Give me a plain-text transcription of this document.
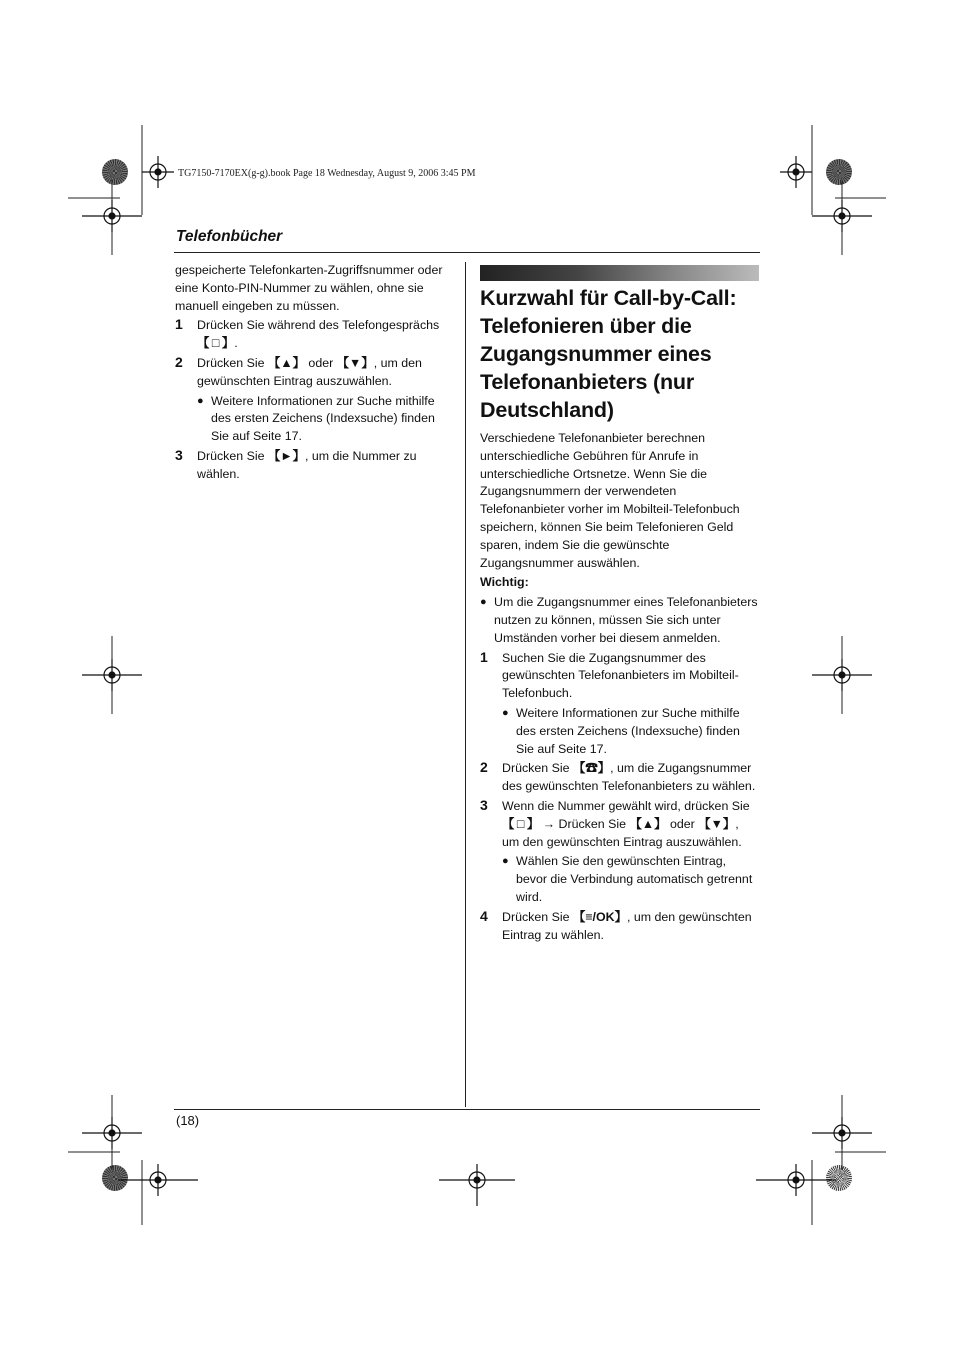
TG7150-7170EX(g-g).book Page 18 Wednesday, August 9, 2006 3:45 PM
Telefonbücher

gespeicherte Telefonkarten-Zugriffsnummer oder eine Konto-PIN-Nummer zu wählen, ohne sie manuell eingeben zu müssen.

1 Drücken Sie während des Telefongesprächs 【 □ 】.
2 Drücken Sie 【▲】 oder 【▼】, um den gewünschten Eintrag auszuwählen.
● Weitere Informationen zur Suche mithilfe des ersten Zeichens (Indexsuche) finden Sie auf Seite 17.
3 Drücken Sie 【►】, um die Nummer zu wählen.
Kurzwahl für Call-by-Call: Telefonieren über die Zugangsnummer eines Telefonanbieters (nur Deutschland)

Verschiedene Telefonanbieter berechnen unterschiedliche Gebühren für Anrufe in unterschiedliche Ortsnetze. Wenn Sie die Zugangsnummern der verwendeten Telefonanbieter vorher im Mobilteil-Telefonbuch speichern, können Sie beim Telefonieren Geld sparen, indem Sie die gewünschte Zugangsnummer auswählen.

Wichtig:

● Um die Zugangsnummer eines Telefonanbieters nutzen zu können, müssen Sie sich unter Umständen vorher bei diesem anmelden.
1 Suchen Sie die Zugangsnummer des gewünschten Telefonanbieters im Mobilteil-Telefonbuch.
● Weitere Informationen zur Suche mithilfe des ersten Zeichens (Indexsuche) finden Sie auf Seite 17.
2 Drücken Sie 【☎】, um die Zugangsnummer des gewünschten Telefonanbieters zu wählen.
3 Wenn die Nummer gewählt wird, drücken Sie 【 □ 】 → Drücken Sie 【▲】 oder 【▼】, um den gewünschten Eintrag auszuwählen.
● Wählen Sie den gewünschten Eintrag, bevor die Verbindung automatisch getrennt wird.
4 Drücken Sie 【≡/OK】, um den gewünschten Eintrag zu wählen.
(18)
